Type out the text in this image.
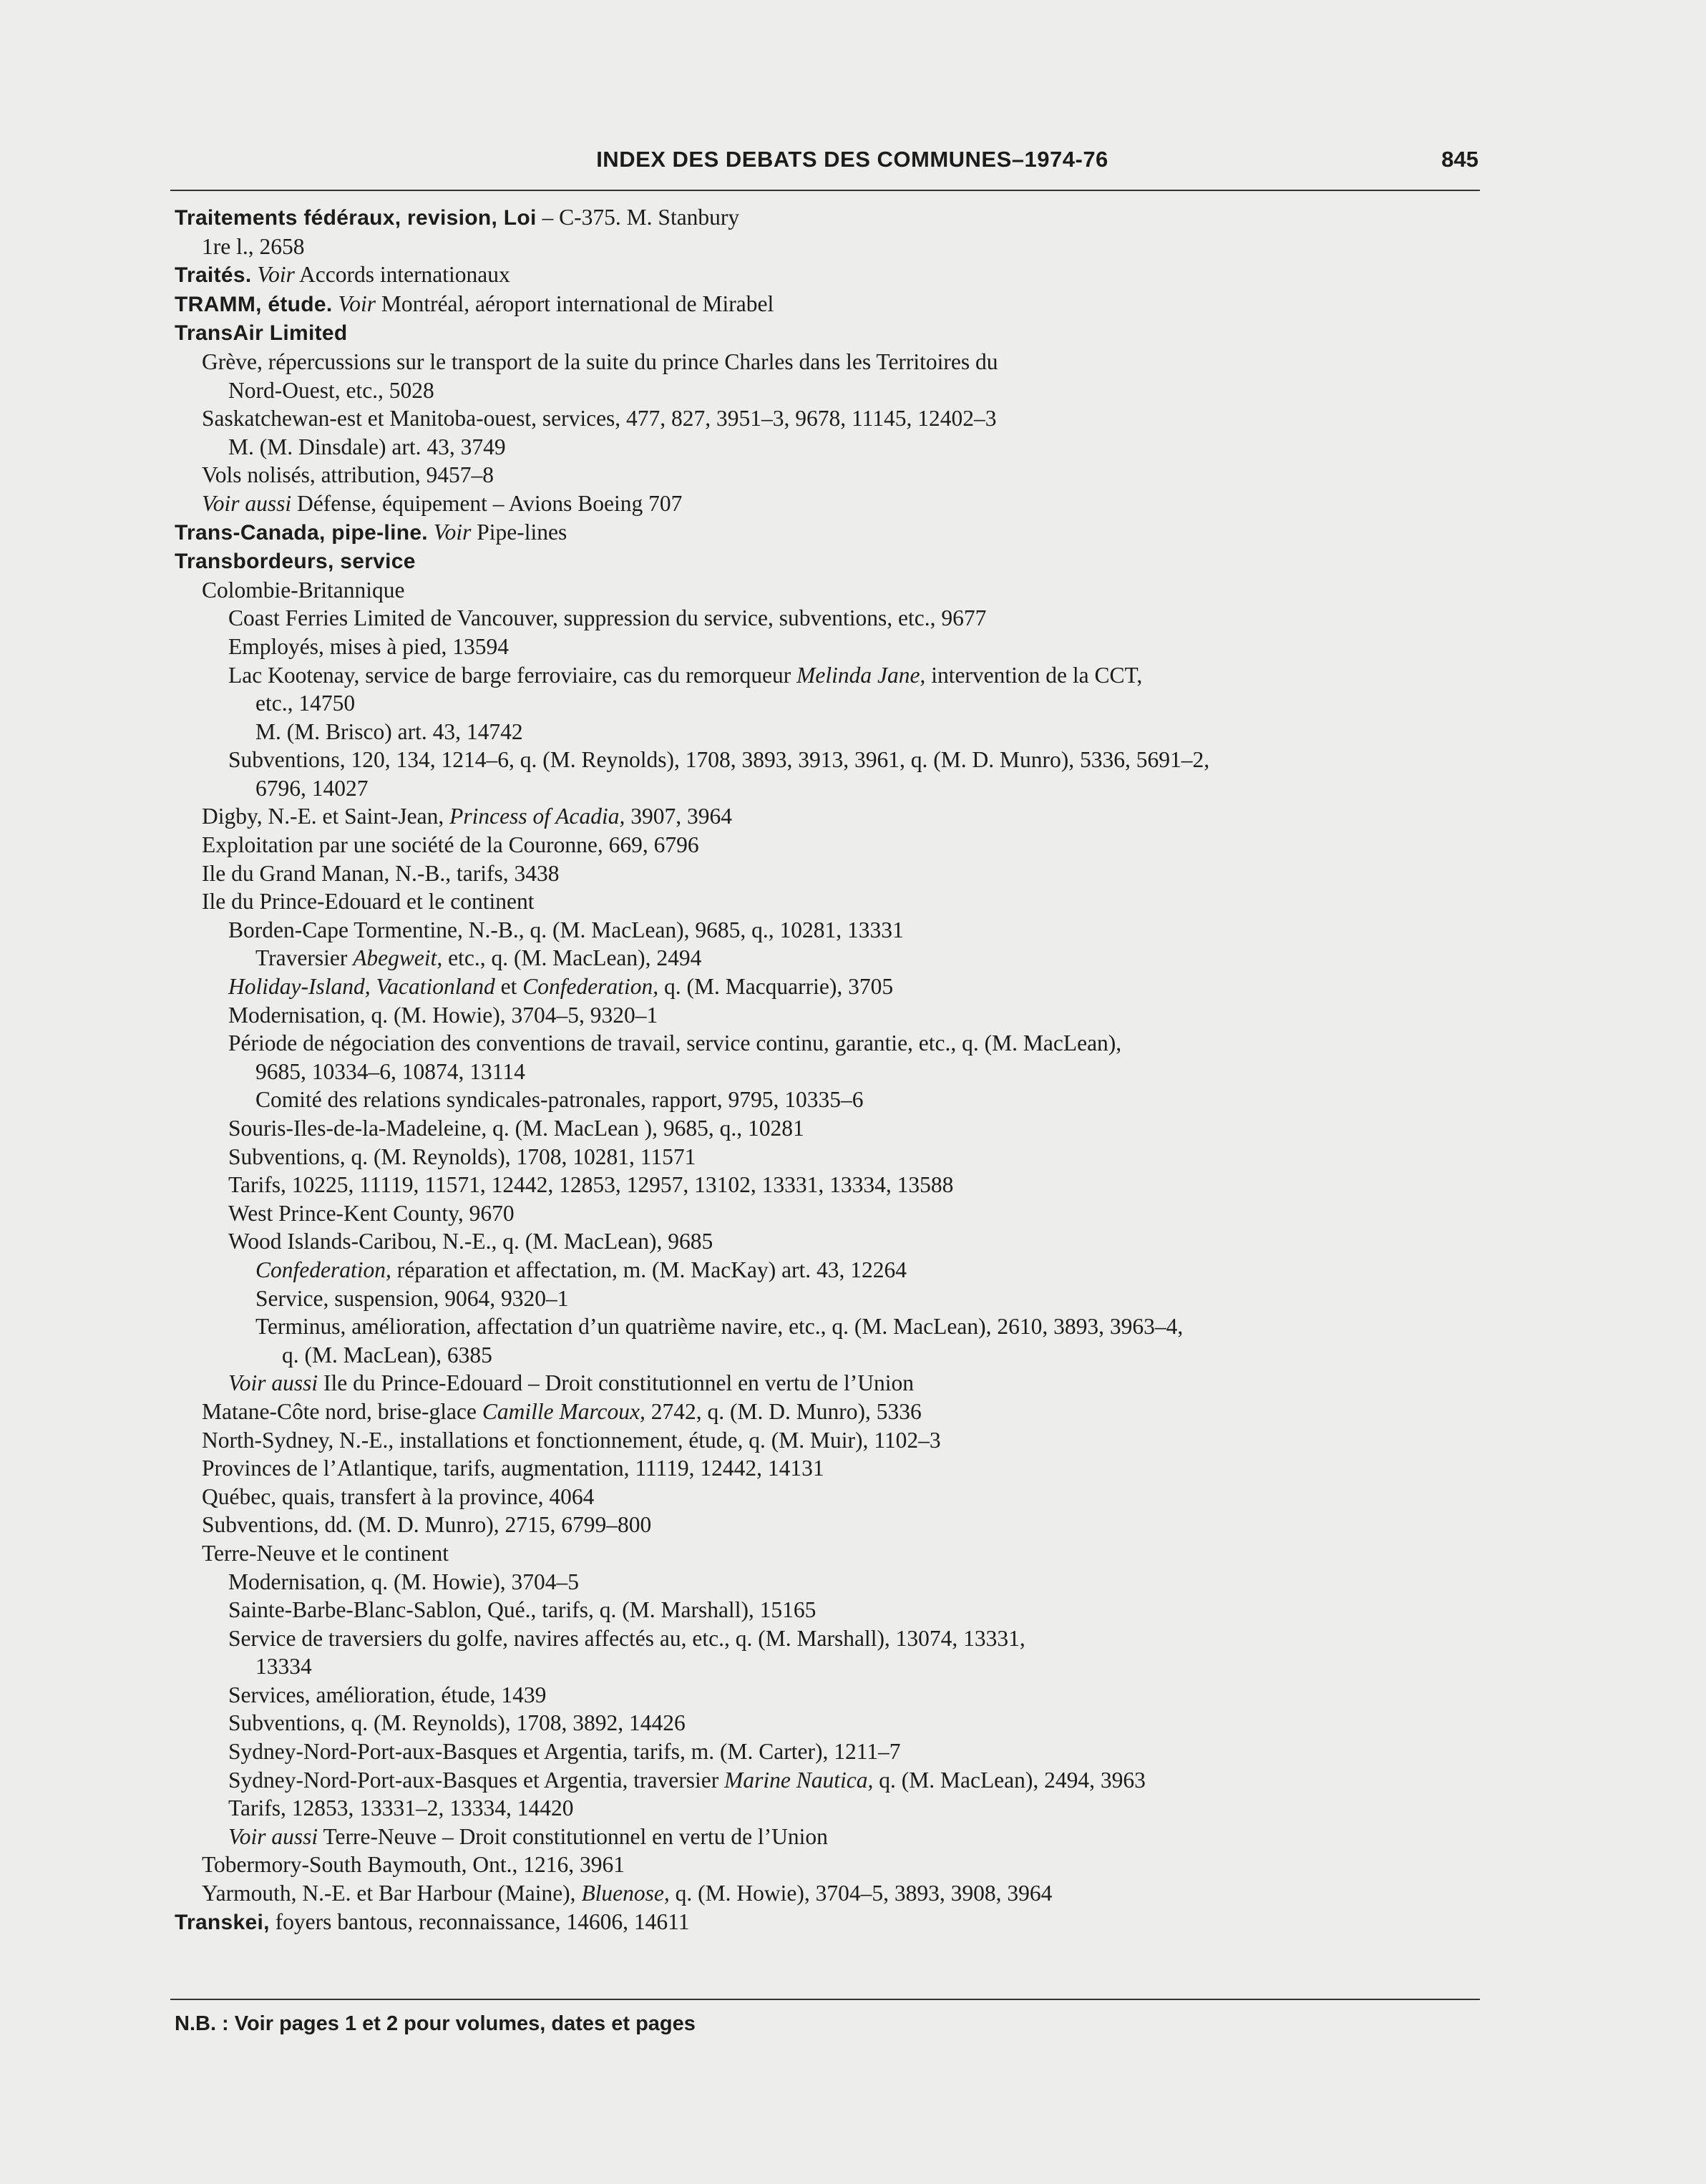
INDEX DES DEBATS DES COMMUNES–1974-76	845
Traitements fédéraux, revision, Loi – C-375. M. Stanbury
1re l., 2658
Traités. Voir Accords internationaux
TRAMM, étude. Voir Montréal, aéroport international de Mirabel
TransAir Limited
Grève, répercussions sur le transport de la suite du prince Charles dans les Territoires du
Nord-Ouest, etc., 5028
Saskatchewan-est et Manitoba-ouest, services, 477, 827, 3951–3, 9678, 11145, 12402–3
M. (M. Dinsdale) art. 43, 3749
Vols nolisés, attribution, 9457–8
Voir aussi Défense, équipement – Avions Boeing 707
Trans-Canada, pipe-line. Voir Pipe-lines
Transbordeurs, service
Colombie-Britannique
Coast Ferries Limited de Vancouver, suppression du service, subventions, etc., 9677
Employés, mises à pied, 13594
Lac Kootenay, service de barge ferroviaire, cas du remorqueur Melinda Jane, intervention de la CCT,
etc., 14750
M. (M. Brisco) art. 43, 14742
Subventions, 120, 134, 1214–6, q. (M. Reynolds), 1708, 3893, 3913, 3961, q. (M. D. Munro), 5336, 5691–2,
6796, 14027
Digby, N.-E. et Saint-Jean, Princess of Acadia, 3907, 3964
Exploitation par une société de la Couronne, 669, 6796
Ile du Grand Manan, N.-B., tarifs, 3438
Ile du Prince-Edouard et le continent
Borden-Cape Tormentine, N.-B., q. (M. MacLean), 9685, q., 10281, 13331
Traversier Abegweit, etc., q. (M. MacLean), 2494
Holiday-Island, Vacationland et Confederation, q. (M. Macquarrie), 3705
Modernisation, q. (M. Howie), 3704–5, 9320–1
Période de négociation des conventions de travail, service continu, garantie, etc., q. (M. MacLean),
9685, 10334–6, 10874, 13114
Comité des relations syndicales-patronales, rapport, 9795, 10335–6
Souris-Iles-de-la-Madeleine, q. (M. MacLean ), 9685, q., 10281
Subventions, q. (M. Reynolds), 1708, 10281, 11571
Tarifs, 10225, 11119, 11571, 12442, 12853, 12957, 13102, 13331, 13334, 13588
West Prince-Kent County, 9670
Wood Islands-Caribou, N.-E., q. (M. MacLean), 9685
Confederation, réparation et affectation, m. (M. MacKay) art. 43, 12264
Service, suspension, 9064, 9320–1
Terminus, amélioration, affectation d’un quatrième navire, etc., q. (M. MacLean), 2610, 3893, 3963–4,
q. (M. MacLean), 6385
Voir aussi Ile du Prince-Edouard – Droit constitutionnel en vertu de l’Union
Matane-Côte nord, brise-glace Camille Marcoux, 2742, q. (M. D. Munro), 5336
North-Sydney, N.-E., installations et fonctionnement, étude, q. (M. Muir), 1102–3
Provinces de l’Atlantique, tarifs, augmentation, 11119, 12442, 14131
Québec, quais, transfert à la province, 4064
Subventions, dd. (M. D. Munro), 2715, 6799–800
Terre-Neuve et le continent
Modernisation, q. (M. Howie), 3704–5
Sainte-Barbe-Blanc-Sablon, Qué., tarifs, q. (M. Marshall), 15165
Service de traversiers du golfe, navires affectés au, etc., q. (M. Marshall), 13074, 13331,
13334
Services, amélioration, étude, 1439
Subventions, q. (M. Reynolds), 1708, 3892, 14426
Sydney-Nord-Port-aux-Basques et Argentia, tarifs, m. (M. Carter), 1211–7
Sydney-Nord-Port-aux-Basques et Argentia, traversier Marine Nautica, q. (M. MacLean), 2494, 3963
Tarifs, 12853, 13331–2, 13334, 14420
Voir aussi Terre-Neuve – Droit constitutionnel en vertu de l’Union
Tobermory-South Baymouth, Ont., 1216, 3961
Yarmouth, N.-E. et Bar Harbour (Maine), Bluenose, q. (M. Howie), 3704–5, 3893, 3908, 3964
Transkei, foyers bantous, reconnaissance, 14606, 14611
N.B. : Voir pages 1 et 2 pour volumes, dates et pages
